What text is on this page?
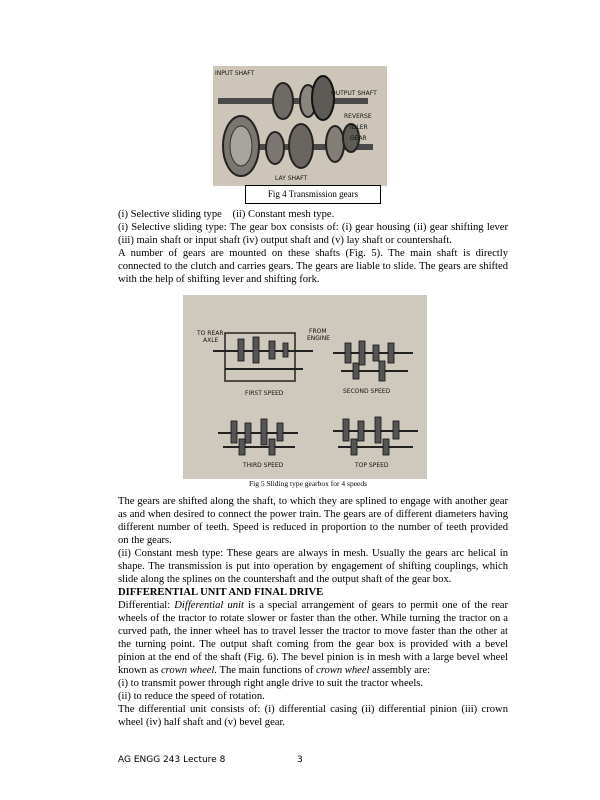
INPUT SHAFT
OUTPUT SHAFT
REVERSE
IDLER
GEAR
LAY SHAFT
Fig 4 Transmission gears

(i) Selective sliding type    (ii) Constant mesh type.

(i) Selective sliding type: The gear box consists of: (i) gear housing (ii) gear shifting lever (iii) main shaft or input shaft (iv) output shaft and (v) lay shaft or countershaft.

A number of gears are mounted on these shafts (Fig. 5). The main shaft is directly connected to the clutch and carries gears. The gears are liable to slide. The gears are shifted with the help of shifting lever and shifting fork.

TO REAR
AXLE
FROM
ENGINE
FIRST SPEED	SECOND SPEED
THIRD SPEED	TOP SPEED
Fig 5 Sliding type gearbox for 4 speeds

The gears are shifted along the shaft, to which they are splined to engage with another gear as and when desired to connect the power train. The gears are of different diameters having different number of teeth. Speed is reduced in proportion to the number of teeth provided on the gears.

(ii) Constant mesh type: These gears are always in mesh. Usually the gears arc helical in shape. The transmission is put into operation by engagement of shifting couplings, which slide along the splines on the countershaft and the output shaft of the gear box.

DIFFERENTIAL UNIT AND FINAL DRIVE

Differential: Differential unit is a special arrangement of gears to permit one of the rear wheels of the tractor to rotate slower or faster than the other. While turning the tractor on a curved path, the inner wheel has to travel lesser the tractor to move faster than the other at the turning point. The output shaft coming from the gear box is provided with a bevel pinion at the end of the shaft (Fig. 6). The bevel pinion is in mesh with a large bevel wheel known as crown wheel. The main functions of crown wheel assembly are:

(i) to transmit power through right angle drive to suit the tractor wheels.

(ii) to reduce the speed of rotation.

The differential unit consists of: (i) differential casing (ii) differential pinion (iii) crown wheel (iv) half shaft and (v) bevel gear.

AG ENGG 243 Lecture 8	3
